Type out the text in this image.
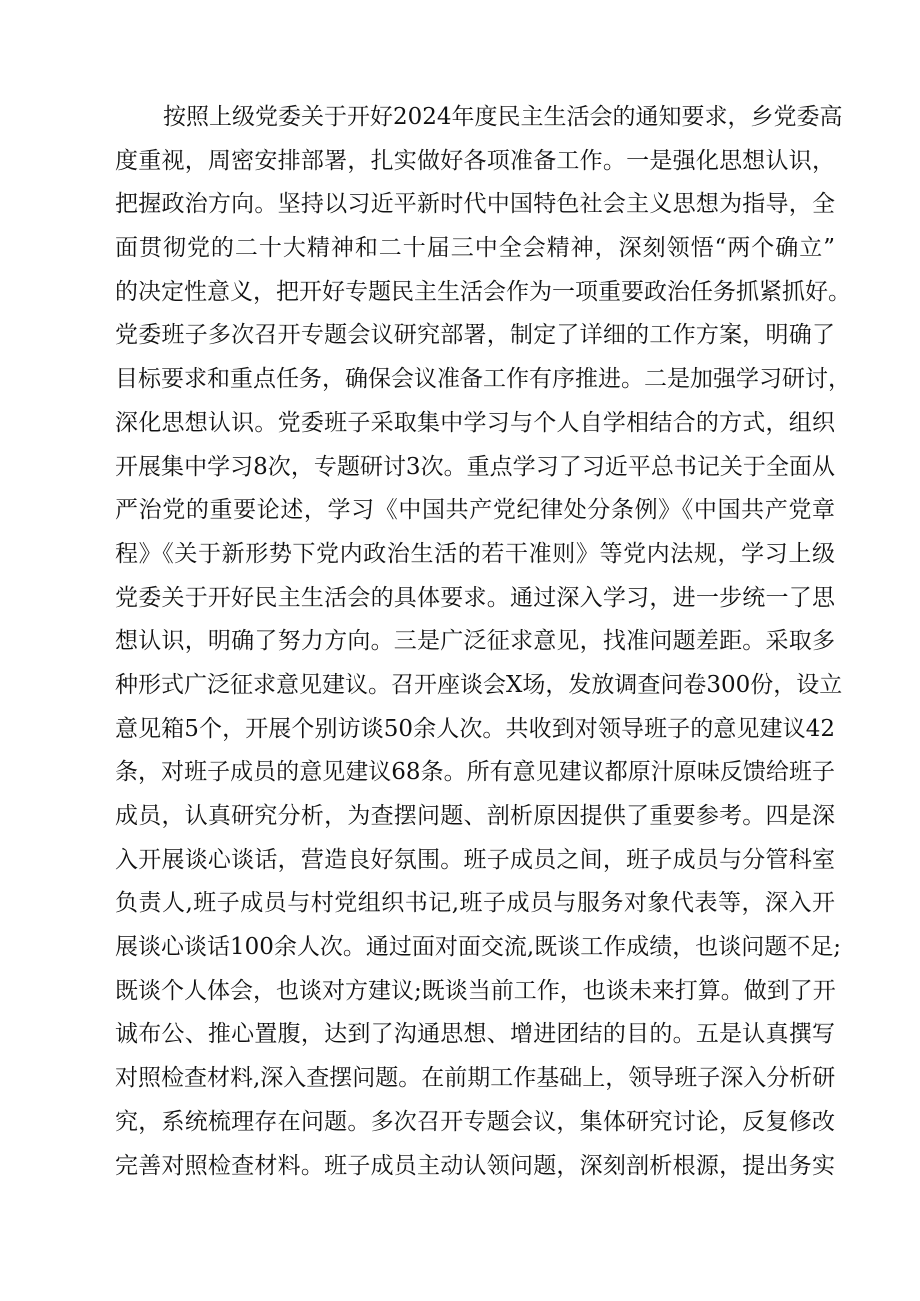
按照上级党委关于开好2024年度民主生活会的通知要求，乡党委高
度重视，周密安排部署，扎实做好各项准备工作。一是强化思想认识，
把握政治方向。坚持以习近平新时代中国特色社会主义思想为指导，全
面贯彻党的二十大精神和二十届三中全会精神，深刻领悟“两个确立”
的决定性意义，把开好专题民主生活会作为一项重要政治任务抓紧抓好。
党委班子多次召开专题会议研究部署，制定了详细的工作方案，明确了
目标要求和重点任务，确保会议准备工作有序推进。二是加强学习研讨，
深化思想认识。党委班子采取集中学习与个人自学相结合的方式，组织
开展集中学习8次，专题研讨3次。重点学习了习近平总书记关于全面从
严治党的重要论述，学习《中国共产党纪律处分条例》《中国共产党章
程》《关于新形势下党内政治生活的若干准则》等党内法规，学习上级
党委关于开好民主生活会的具体要求。通过深入学习，进一步统一了思
想认识，明确了努力方向。三是广泛征求意见，找准问题差距。采取多
种形式广泛征求意见建议。召开座谈会X场，发放调查问卷300份，设立
意见箱5个，开展个别访谈50余人次。共收到对领导班子的意见建议42
条，对班子成员的意见建议68条。所有意见建议都原汁原味反馈给班子
成员，认真研究分析，为查摆问题、剖析原因提供了重要参考。四是深
入开展谈心谈话，营造良好氛围。班子成员之间，班子成员与分管科室
负责人,班子成员与村党组织书记,班子成员与服务对象代表等，深入开
展谈心谈话100余人次。通过面对面交流,既谈工作成绩，也谈问题不足;
既谈个人体会，也谈对方建议;既谈当前工作，也谈未来打算。做到了开
诚布公、推心置腹，达到了沟通思想、增进团结的目的。五是认真撰写
对照检查材料,深入查摆问题。在前期工作基础上，领导班子深入分析研
究，系统梳理存在问题。多次召开专题会议，集体研究讨论，反复修改
完善对照检查材料。班子成员主动认领问题，深刻剖析根源，提出务实
